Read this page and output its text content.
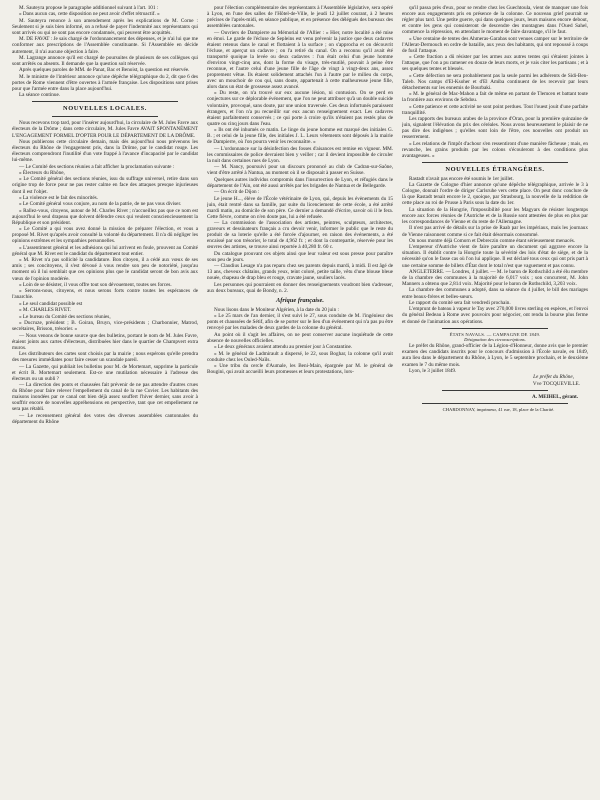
M. Sauteyra propose le paragraphe additionnel suivant à l'art. 101 :

« Dans aucun cas, cette disposition ne peut avoir d'effet rétroactif. »

M. Sauteyra renonce à son amendement après les explications de M. Corne : Seulement si je suis bien informé, on a refusé de payer l'indemnité aux représentants qui sont arrivés ou qui ne sont pas encore condamnés, qui peuvent être acquittés.

M. DE FAVAT : Je sais chargé de l'ordonnancement des dépenses, et je n'ai lui que me conformer aux prescriptions de l'Assemblée constituante. Si l'Assemblée en décide autrement, il n'ai aucune objection à faire.

M. Lagrange annonce qu'il est chargé de poursuites de plusieurs de ses collègues qui sont arrêtés ou absents. Il demande que la question soit réservée.

Après quelques paroles de MM. de Panat, Bac et Benoist, la question est réservée.

M. le ministre de l'intérieur annonce qu'une dépêche télégraphique du 2, dit que 6 des portes de Rome viennent d'être ouvertes à l'armée française. Les dispositions sont prises pour que l'armée entre dans la place aujourd'hui.

La séance continue.

NOUVELLES LOCALES.

Nous recevons trop tard, pour l'insérer aujourd'hui, la circulaire de M. Jules Favre aux électeurs de la Drôme ; dans cette circulaire, M. Jules Favre AVAIT SPONTANÉMENT L'ENGAGEMENT FORMEL D'OPTER POUR LE DÉPARTEMENT DE LA DRÔME.

Nous publierons cette circulaire demain, mais dès aujourd'hui nous prévenons les électeurs du Rhône de l'engagement pris, dans la Drôme, par le candidat rouge. Les électeurs comprendront l'inutilité d'un vote frappé à l'avance d'incapacité par le candidat lui-même.

— Le Comité des sections réunies a fait afficher la proclamation suivante :

« Électeurs du Rhône,

« Le Comité général des sections réunies, issu du suffrage universel, retire dans son origine trop de force pour ne pas rester calme en face des attaques presque injurieuses dont il est l'objet.

« La violence est le fait des minorités.

« Le Comité général vous conjure, au nom de la patrie, de ne pas vous diviser.

« Rallez-vous, citoyens, autour de M. Charles Rivet ; n'accueillez pas que ce nom est aujourd'hui le seul drapeau que doivent défendre ceux qui veulent consciencieusement la République et son président.

« Le Comité a qui vous avez donné la mission de préparer l'élection, et vous a proposé M. Rivet qu'après avoir consulté la volonté du département. Il n'a dû négliger les opinions extrêmes et les sympathies personnelles.

« L'assentiment général et les adhésions qui lui arrivent en foule, prouvent au Comité général que M. Rivet est le candidat du département tout entier.

« M. Rivet n'a pas sollicité la candidature. Bon citoyen, il a cédé aux vœux de ses amis ; ses concitoyens, il s'est dévoué à vous rendre son peu de notoriété, jusqu'au moment où il lui semblait que ces opinions plus que le candidat seront de bon avis aux vœux de l'opinion modérée.

« Loin de se désister, il vous offre tout son dévouement, toutes ses forces.

« Serrons-nous, citoyens, et nous serons forts contre toutes les espérances de l'anarchie.

« Le seul candidat possible est

« M. CHARLES RIVET.

« Le bureau du Comité des sections réunies,

« Ducruze, président ; B. Goiran, Bruyn, vice-présidents ; Charbonnier, Matrod, secrétaires, Brisson, trésorier. »

— Nous venons de bonne source que des bulletins, portant le nom de M. Jules Favre, étaient joints aux cartes d'électeurs, distribuées hier dans le quartier de Champvert extra muros.

Les distributeurs des cartes sont choisis par la mairie ; nous espérons qu'elle prendra des mesures immédiates pour faire cesser un scandale pareil.

— La Gazette, qui publiait les bulletins pour M. de Mortemart, supprime la particule et écrit R. Mortemart seulement. Est-ce une mutilation nécessaire à l'adresse des électeurs ou un oubli ?

— La direction des ponts et chaussées fait prévenir de ne pas attendre d'autres crues du Rhône pour faire relever l'empellement du canal de la rue Cuvier. Les habitants des maisons inondées par ce canal ont bien déjà assez souffert l'hiver dernier, sans avoir à souffrir encore de nouvelles appréhensions en perspective, tant que cet empellement ne sera pas rétabli.

— Le recensement général des votes des diverses assemblées cantonnales du département du Rhône

pour l'élection complémentaire des représentants à l'Assemblée législative, sera opéré à Lyon, en l'une des salles de l'Hôtel-de-Ville, le jeudi 12 juillet courant, à 2 heures précises de l'après-midi, en séance publique, et en présence des délégués des bureaux des assemblées cantonales.

— Ouvriers de Dampierre au Mémorial de l'Allier : « Hier, notre localité a été mise en émoi. Le garde de l'écluse de Sepleins est venu prévenir la justice que deux cadavres étaient retenus dans le canal et flottaient à la surface ; on s'approcha et on découvrit l'écluse, et aperçut un cadavre ; on l'a retiré du canal. On a reconnu qu'il avait été transporté quoique la levée ou deux cadavres : l'un était celui d'un jeune homme d'environ vingt-cinq ans, dont la forme du visage, très-mutilé, pouvait à peine être reconnue, et l'autre celui d'une jeune fille de l'âge de vingt à vingt-deux ans, assez proprement vêtue. Ils étaient solidement attachés l'un à l'autre par le milieu du corps, avec un mouchoir de cou qui, sans doute, appartenait à cette malheureuse jeune fille, alors dans un état de grossesse assez avancé.

« Du reste, on n'a trouvé sur eux aucune lésion, ni contusion. On se perd en conjectures sur ce déplorable événement, que l'on ne peut attribuer qu'à un double suicide volontaire, provoqué, sans doute, par une union traversée. Ces deux infortunés paraissent étrangers, et l'on n'a pu recueillir sur eux aucun renseignement exact. Les cadavres étaient parfaitement conservés ; ce qui porte à croire qu'ils n'étaient pas restés plus de quatre ou cinq jours dans l'eau.

« Ils ont été inhumés ce matin. Le linge du jeune homme est marqué des initiales G. B. ; et celui de la jeune fille, des initiales J. L. Leurs vêtements sont déposés à la mairie de Dampierre, où l'on pourra venir les reconnaître. »

— L'ordonnance sur la désinfection des fosses d'aisances est remise en vigueur. MM. les commissaires de police devraient bien y veiller ; car il devient impossible de circuler la nuit dans certaines rues de Lyon.

— M. Nancy, poursuivi pour un discours prononcé au club de Cadran-sur-Saône, vient d'être arrêté à Nantua, au moment où il se disposait à passer en Suisse.

Quelques autres individus compromis dans l'insurrection de Lyon, et réfugiés dans le département de l'Ain, ont été aussi arrêtés par les brigades de Nantua et de Bellegarde.

— On écrit de Dijon :

Le jeune H..., élève de l'École vétérinaire de Lyon, qui, depuis les évènements du 15 juin, était rentré dans sa famille, par suite du licenciement de cette école, a été arrêté mardi matin, au domicile de son père. Ce dernier a demandé d'écrire, savoir où il le fera. Cette fièvre, comme on n'en doute pas, lui a été refusée.

— La commission de l'association des artistes, peintres, sculpteurs, architectes, graveurs et dessinateurs français a cru devoir venir, informer le public que le reste du produit de sa loterie qu'elle a été forcée d'ajourner, en raison des événements, a été encaissé par son trésorier, le total de 4,962 fr. ; et dont la contrepartie, réservée pour les œuvres des artistes, se trouve ainsi reportée à 40,280 fr. 60 c.

Du catalogue prouvant ces objets ainsi que leur valeur est sous presse pour paraître sous peu de jours.

— Claudius Lesage n'a pas reparu chez ses parents depuis mardi, à midi. Il est âgé de 13 ans, cheveux châtains, grands yeux, teint coloré, petite taille, vêtu d'une blouse bleue nouée, chapeau de drap bleu et rouge, cravate jaune, souliers lacés.

Les personnes qui pourraient en donner des renseignements voudront bien s'adresser, aux deux bureaux, quai de Bondy, n. 2.

Afrique française.

Nous lisons dans le Moniteur Algérien, à la date du 20 juin :

« Le 25 mars de l'an dernier, il s'est suivi le 27, sous conduite de M. l'ingénieur des ponts et chaussées de Sétif, afin de se porter sur le lieu d'un événement qui n'a pas pu être renvoyé par les malades de deux gardes de la colonne du général.

Au point où il s'agit les affaires, on ne peut conserver aucune inquiétude de cette absence de nouvelles officielles.

« Le deux généraux avaient attendu au premier jour à Constantine.

« M. le général de Ladmirault a dispersé, le 22, sous Boghar, la colonne qu'il avait conduite chez les Ouled-Naïls.

« Une tribu du cercle d'Aumale, les Beni-Main, épargnée par M. le général de Bougini, qui avait accueilli leurs promesses et leurs protestations, lors-

qu'il passa près d'eux, pour se rendre chez les Guechtoula, vient de manquer une fois encore aux engagements pris en présence de la colonne. Ce nouveau grief pourrait se régler plus tard. Une petite guerre, qui dans quelques jours, leurs maisons encore debout, et contre les gens qui consisteront de descendre des montagnes dans l'Oued Sahel, commence la répression, en attendant le moment de faire davantage, s'il le faut.

« Une centaine de tentes des Ahmeras-Garabas sont venues camper sur le territoire de l'Allerat-Dermouch en ordre de bataille, aux yeux des habitants, qui ont repoussé à coups de fusil l'attaque.

« Cette fraction a dû résister par les armes aux autres tentes qui s'étaient jointes à l'attaque, que l'on a pu ramener en douze de leurs morts, et je vais citer les partisans ; et à ses quelques tentes et blessés.

« Cette défection ne sera probablement pas la seule parmi les adhérents de Sidi-Ben-Taleb. Nos camps d'El-Ksoher et d'El Amiba continuent de les recevoir par leurs détachements sur les ennemis de Bourbaki.

« M. le général de Mac-Mahon a fait de même en partant de Tlemcen et battant toute la frontière aux environs de Sebdou.

« Cette patience et cette activité ne sont point perdues. Tout l'ouest jouit d'une parfaite tranquillité.

Les rapports des bureaux arabes de la province d'Oran, pour la première quinzaine de juin, signalent l'élévation du prix des céréales. Nous avons heureusement le plaisir de ne pas dire des indigènes ; qu'elles sont loin de l'être, ces nouvelles ont produit un resserrement.

« Les relations de l'impôt d'achour s'en ressentiront d'une manière fâcheuse ; mais, en revanche, les grains produits par les colons s'écouleront à des conditions plus avantageuses. »

NOUVELLES ÉTRANGÈRES.

Rastadt n'avait pas encore été soumis le 1er juillet.

La Gazette de Cologne d'hier annonce qu'une dépêche télégraphique, arrivée le 3 à Cologne, donnait l'ordre de diriger Carlsruhe vers cette place. On peut donc conclure de là que Rastadt tenait encore le 2, quoique, par Strasbourg, la nouvelle de la reddition de cette place au roi de Prusse à Paris sous la date du 1er.

La situation de la Hongrie, l'impossibilité pour les Magyars de résister longtemps encore aux forces réunies de l'Autriche et de la Russie sont attestées de plus en plus par les correspondances de Vienne et du reste de l'Allemagne.

Il n'est pas arrivé de détails sur la prise de Raab par les impériaux, mais les journaux de Vienne raisonnent comme si ce fait était désormais consommé.

On nous montre déjà Comorn et Debreczin comme étant sérieusement menacés.

L'empereur d'Autriche vient de faire paraître un document qui aggrave encore la situation. Il établit contre la Hongrie toute la sévérité des lois d'état de siège, et de la nécessité qu'on le fasse cas où l'on lui applique. Il est déclaré tous ceux qui ont pris part à une certaine somme de billets d'État dont le total n'est que vaguement et pas connu.

ANGLETERRE. — Londres, 4 juillet. — M. le baron de Rothschild a été élu membre de la chambre des communes à la majorité de 6,017 voix ; son concurrent, M. John Manners a obtenu que 2,814 voix. Majorité pour le baron de Rothschild, 3,203 voix.

La chambre des communes a adopté, dans sa séance du 4 juillet, le bill des mariages entre beaux-frères et belles-sœurs.

Le rapport du comité sera fait vendredi prochain.

L'emprunt de bateau à vapeur le Tay avec 270,000 livres sterling en espèces, et l'envoi du général Bedeau à Rome avec pouvoirs pour négocier, ont rendu la bourse plus ferme et donné de l'animation aux opérations.

ÉTATS NAVALS. — CAMPAGNE DE 1849.

Désignation des circonscriptions.

Le préfet du Rhône, grand-officier de la Légion-d'Honneur, donne avis que le premier examen des candidats inscrits pour le concours d'admission à l'École navale, en 1849, aura lieu dans le département du Rhône, à Lyon, le 5 septembre prochain, et le deuxième examen le 7 du même mois.

Lyon, le 3 juillet 1849.

Le préfet du Rhône,

Vve TOCQUEVILLE.

A. MEIHEL, gérant.

CHARDONNAY, imprimeur, 41 rue, 18, place de la Charité.
